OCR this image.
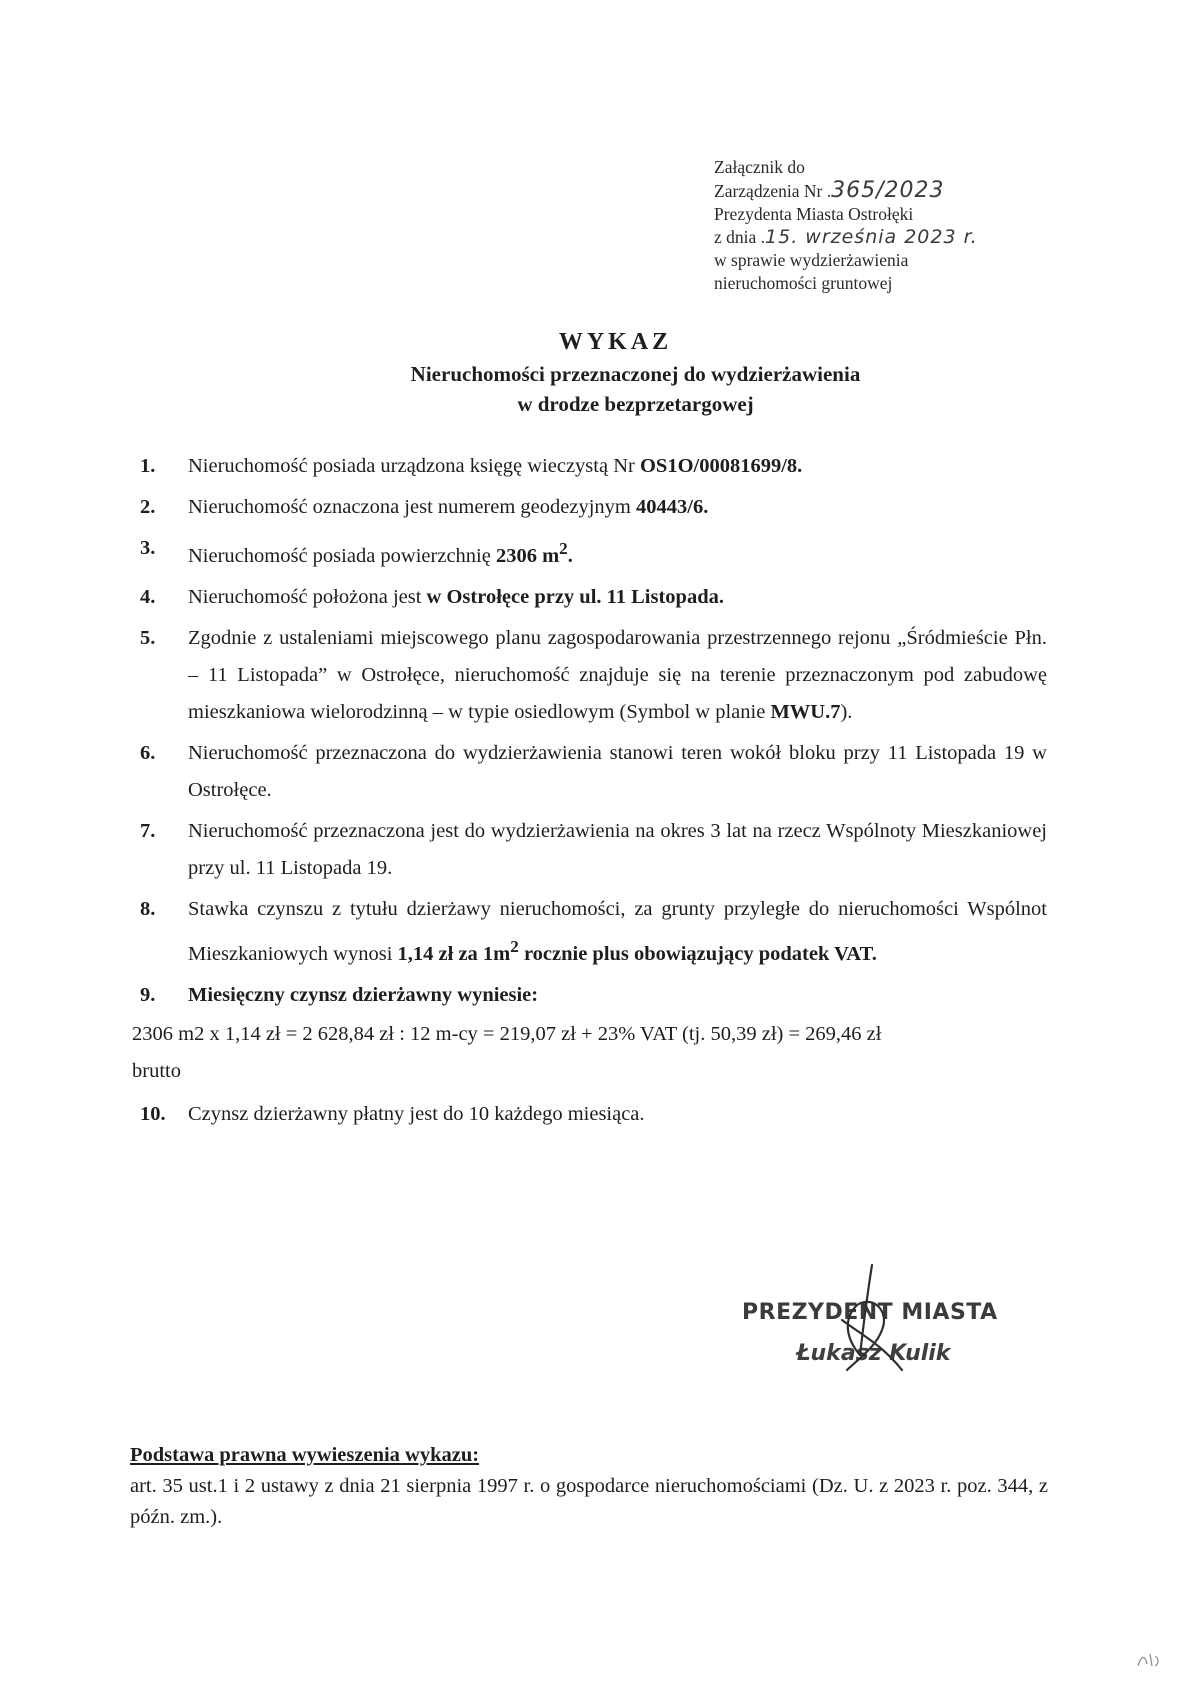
Załącznik do
Zarządzenia Nr .365/2023
Prezydenta Miasta Ostrołęki
z dnia .15. września 2023 r.
w sprawie wydzierżawienia
nieruchomości gruntowej
WYKAZ
Nieruchomości przeznaczonej do wydzierżawienia
w drodze bezprzetargowej
1. Nieruchomość posiada urządzona księgę wieczystą Nr OS1O/00081699/8.
2. Nieruchomość oznaczona jest numerem geodezyjnym 40443/6.
3. Nieruchomość posiada powierzchnię 2306 $m^2$.
4. Nieruchomość położona jest w Ostrołęce przy ul. 11 Listopada.
5. Zgodnie z ustaleniami miejscowego planu zagospodarowania przestrzennego rejonu „Śródmieście Płn. – 11 Listopada” w Ostrołęce, nieruchomość znajduje się na terenie przeznaczonym pod zabudowę mieszkaniowa wielorodzinną – w typie osiedlowym (Symbol w planie MWU.7).
6. Nieruchomość przeznaczona do wydzierżawienia stanowi teren wokół bloku przy 11 Listopada 19 w Ostrołęce.
7. Nieruchomość przeznaczona jest do wydzierżawienia na okres 3 lat na rzecz Wspólnoty Mieszkaniowej przy ul. 11 Listopada 19.
8. Stawka czynszu z tytułu dzierżawy nieruchomości, za grunty przyległe do nieruchomości Wspólnot Mieszkaniowych wynosi 1,14 zł za $1m^2$ rocznie plus obowiązujący podatek VAT.
9. Miesięczny czynsz dzierżawny wyniesie:
2306 m2 x 1,14 zł = 2 628,84 zł : 12 m-cy = 219,07 zł + 23% VAT (tj. 50,39 zł) = 269,46 zł
brutto
10. Czynsz dzierżawny płatny jest do 10 każdego miesiąca.
PREZYDENT MIASTA
Łukasz Kulik
Podstawa prawna wywieszenia wykazu:
art. 35 ust.1 i 2 ustawy z dnia 21 sierpnia 1997 r. o gospodarce nieruchomościami (Dz. U. z 2023 r. poz. 344, z późn. zm.).
